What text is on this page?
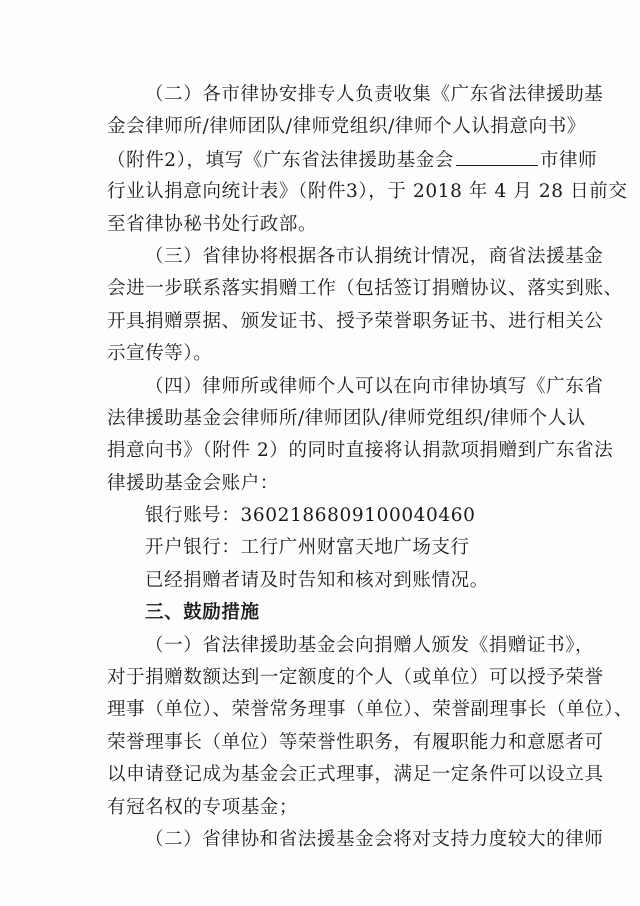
（二）各市律协安排专人负责收集《广东省法律援助基
金会律师所/律师团队/律师党组织/律师个人认捐意向书》
（附件2），填写《广东省法律援助基金会	市律师
行业认捐意向统计表》（附件3），于 2018 年 4 月 28 日前交
至省律协秘书处行政部。
（三）省律协将根据各市认捐统计情况，商省法援基金
会进一步联系落实捐赠工作（包括签订捐赠协议、落实到账、
开具捐赠票据、颁发证书、授予荣誉职务证书、进行相关公
示宣传等）。
（四）律师所或律师个人可以在向市律协填写《广东省
法律援助基金会律师所/律师团队/律师党组织/律师个人认
捐意向书》（附件 2）的同时直接将认捐款项捐赠到广东省法
律援助基金会账户：
银行账号：3602186809100040460
开户银行：工行广州财富天地广场支行
已经捐赠者请及时告知和核对到账情况。
三、鼓励措施
（一）省法律援助基金会向捐赠人颁发《捐赠证书》，
对于捐赠数额达到一定额度的个人（或单位）可以授予荣誉
理事（单位）、荣誉常务理事（单位）、荣誉副理事长（单位）、
荣誉理事长（单位）等荣誉性职务，有履职能力和意愿者可
以申请登记成为基金会正式理事，满足一定条件可以设立具
有冠名权的专项基金；
（二）省律协和省法援基金会将对支持力度较大的律师
